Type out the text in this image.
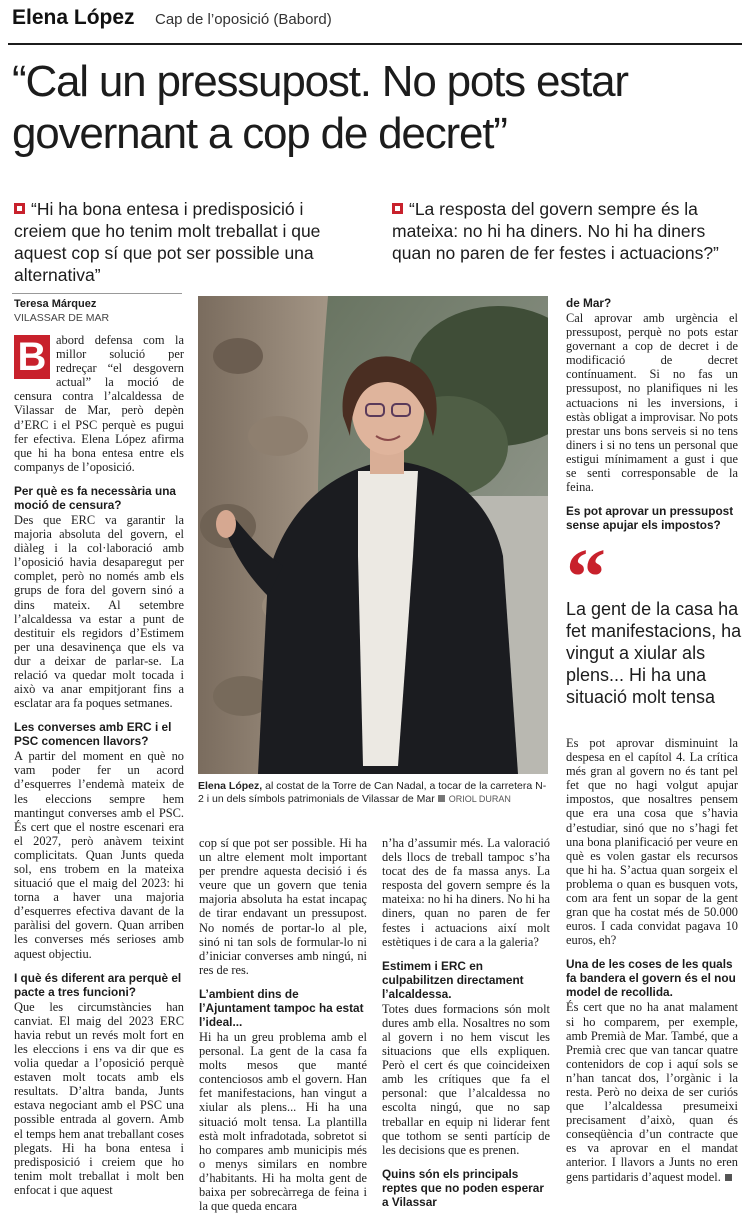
Elena López Cap de l’oposició (Babord)
“Cal un pressupost. No pots estar governant a cop de decret”
“Hi ha bona entesa i predisposició i creiem que ho tenim molt treballat i que aquest cop sí que pot ser possible una alternativa”
“La resposta del govern sempre és la mateixa: no hi ha diners. No hi ha diners quan no paren de fer festes i actuacions?”
Teresa Márquez
VILASSAR DE MAR

B abord defensa com la millor solució per redreçar “el desgovern actual” la moció de censura contra l’alcaldessa de Vilassar de Mar, però depèn d’ERC i el PSC perquè es pugui fer efectiva. Elena López afirma que hi ha bona entesa entre els companys de l’oposició.

Per què es fa necessària una moció de censura?

Des que ERC va garantir la majoria absoluta del govern, el diàleg i la col·laboració amb l’oposició havia desaparegut per complet, però no només amb els grups de fora del govern sinó a dins mateix. Al setembre l’alcaldessa va estar a punt de destituir els regidors d’Estimem per una desavinença que els va dur a deixar de parlar-se. La relació va quedar molt tocada i això va anar empitjorant fins a esclatar ara fa poques setmanes.

Les converses amb ERC i el PSC comencen llavors?

A partir del moment en què no vam poder fer un acord d’esquerres l’endemà mateix de les eleccions sempre hem mantingut converses amb el PSC. És cert que el nostre escenari era el 2027, però anàvem teixint complicitats. Quan Junts queda sol, ens trobem en la mateixa situació que el maig del 2023: hi torna a haver una majoria d’esquerres efectiva davant de la paràlisi del govern. Quan arriben les converses més serioses amb aquest objectiu.

I què és diferent ara perquè el pacte a tres funcioni?

Que les circumstàncies han canviat. El maig del 2023 ERC havia rebut un revés molt fort en les eleccions i ens va dir que es volia quedar a l’oposició perquè estaven molt tocats amb els resultats. D’altra banda, Junts estava negociant amb el PSC una possible entrada al govern. Amb el temps hem anat treballant coses plegats. Hi ha bona entesa i predisposició i creiem que ho tenim molt treballat i molt ben enfocat i que aquest

Elena López, al costat de la Torre de Can Nadal, a tocar de la carretera N-2 i un dels símbols patrimonials de Vilassar de Mar ORIOL DURAN

cop sí que pot ser possible. Hi ha un altre element molt important per prendre aquesta decisió i és veure que un govern que tenia majoria absoluta ha estat incapaç de tirar endavant un pressupost. No només de portar-lo al ple, sinó ni tan sols de formular-lo ni d’iniciar converses amb ningú, ni res de res.

L’ambient dins de l’Ajuntament tampoc ha estat l’ideal...

Hi ha un greu problema amb el personal. La gent de la casa fa molts mesos que manté contenciosos amb el govern. Han fet manifestacions, han vingut a xiular als plens... Hi ha una situació molt tensa. La plantilla està molt infradotada, sobretot si ho compares amb municipis més o menys similars en nombre d’habitants. Hi ha molta gent de baixa per sobrecàrrega de feina i la que queda encara

n’ha d’assumir més. La valoració dels llocs de treball tampoc s’ha tocat des de fa massa anys. La resposta del govern sempre és la mateixa: no hi ha diners. No hi ha diners, quan no paren de fer festes i actuacions així molt estètiques i de cara a la galeria?

Estimem i ERC en culpabilitzen directament l’alcaldessa.

Totes dues formacions són molt dures amb ella. Nosaltres no som al govern i no hem viscut les situacions que ells expliquen. Però el cert és que coincideixen amb les crítiques que fa el personal: que l’alcaldessa no escolta ningú, que no sap treballar en equip ni liderar fent que tothom se senti partícip de les decisions que es prenen.

Quins són els principals reptes que no poden esperar a Vilassar

de Mar?

Cal aprovar amb urgència el pressupost, perquè no pots estar governant a cop de decret i de modificació de decret contínuament. Si no fas un pressupost, no planifiques ni les actuacions ni les inversions, i estàs obligat a improvisar. No pots prestar uns bons serveis si no tens diners i si no tens un personal que estigui mínimament a gust i que se senti corresponsable de la feina.

Es pot aprovar un pressupost sense apujar els impostos?

“
La gent de la casa ha fet manifestacions, ha vingut a xiular als plens... Hi ha una situació molt tensa

Es pot aprovar disminuint la despesa en el capítol 4. La crítica més gran al govern no és tant pel fet que no hagi volgut apujar impostos, que nosaltres pensem que era una cosa que s’havia d’estudiar, sinó que no s’hagi fet una bona planificació per veure en què es volen gastar els recursos que hi ha. S’actua quan sorgeix el problema o quan es busquen vots, com ara fent un sopar de la gent gran que ha costat més de 50.000 euros. I cada convidat pagava 10 euros, eh?

Una de les coses de les quals fa bandera el govern és el nou model de recollida.

És cert que no ha anat malament si ho comparem, per exemple, amb Premià de Mar. També, que a Premià crec que van tancar quatre contenidors de cop i aquí sols se n’han tancat dos, l’orgànic i la resta. Però no deixa de ser curiós que l’alcaldessa presumeixi precisament d’això, quan és conseqüència d’un contracte que es va aprovar en el mandat anterior. I llavors a Junts no eren gens partidaris d’aquest model.
